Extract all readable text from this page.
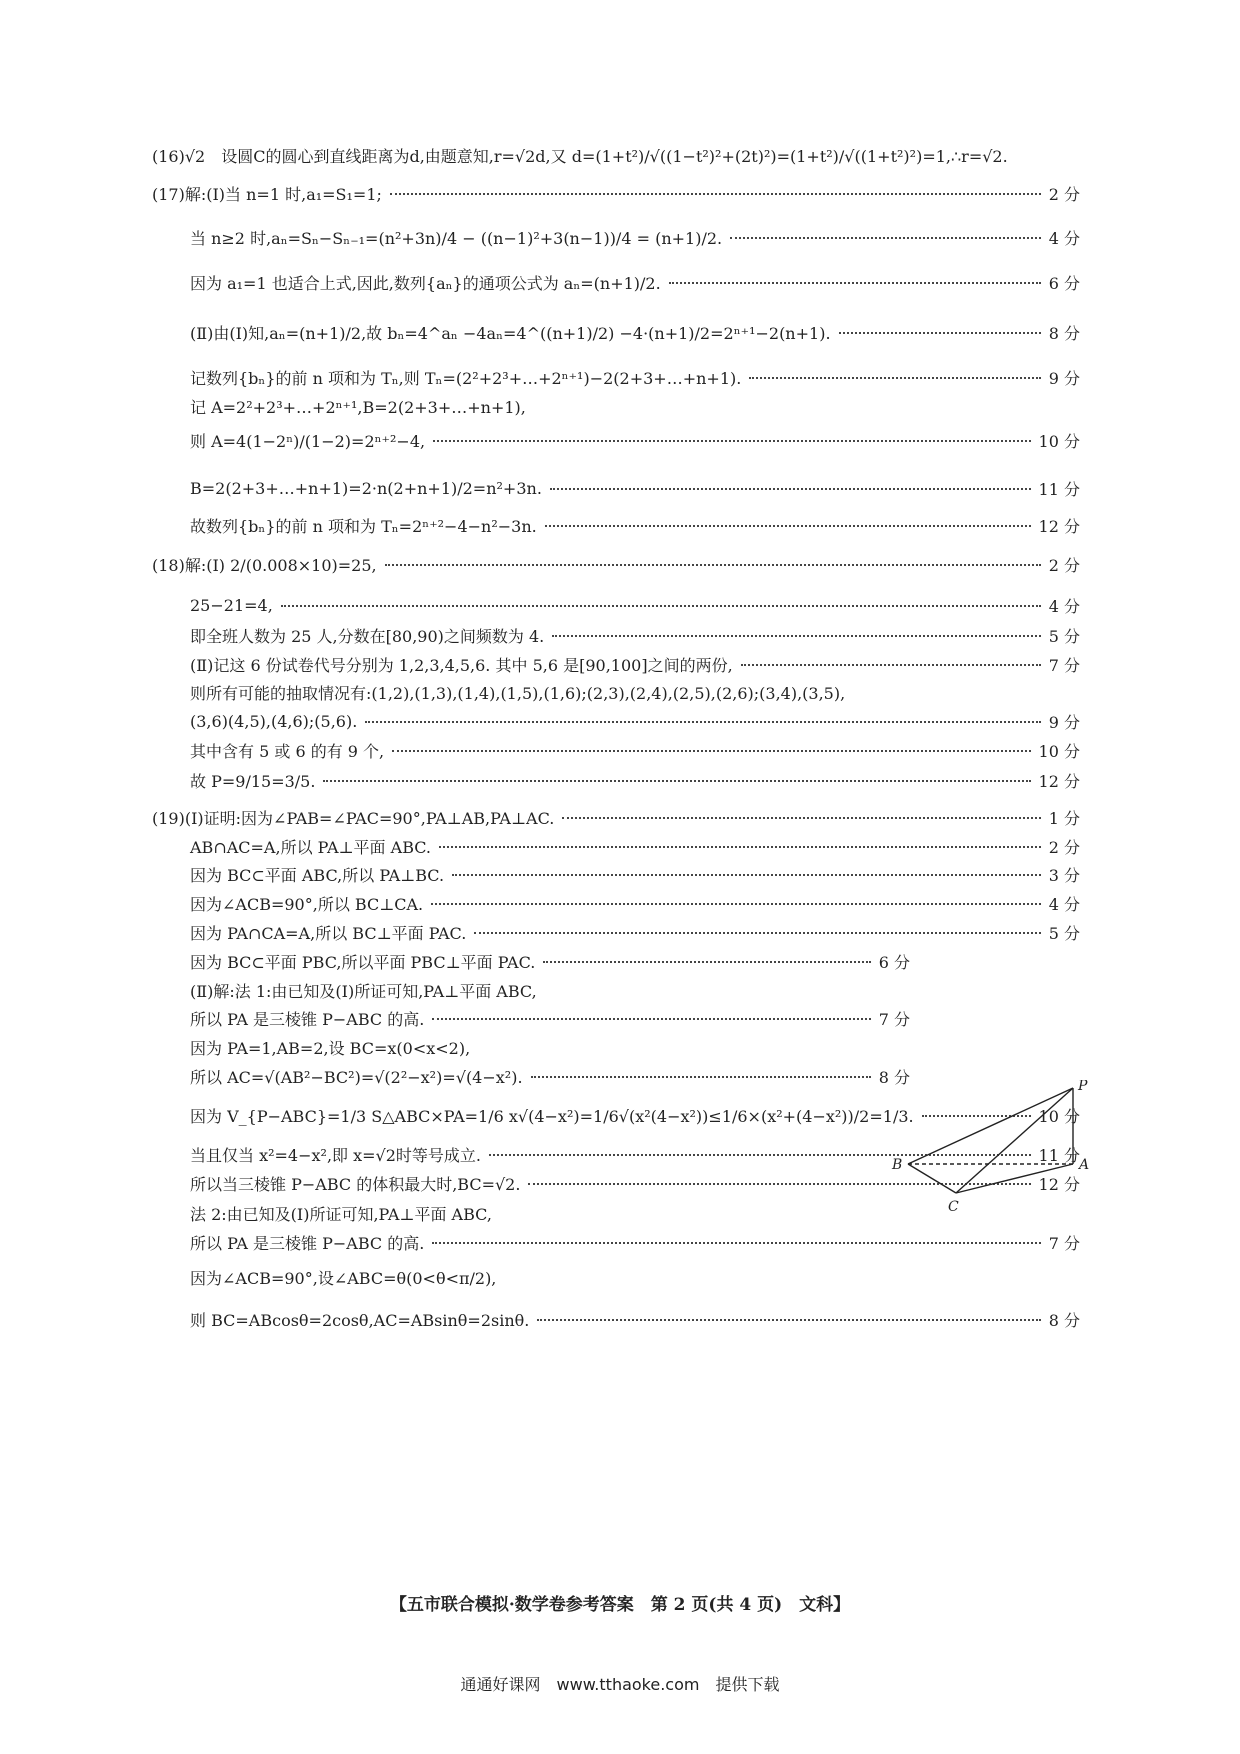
(16)√2　设圆C的圆心到直线距离为d,由题意知,r=√2d,又 d=(1+t²)/√((1−t²)²+(2t)²)=(1+t²)/√((1+t²)²)=1,∴r=√2.
(17)解:(Ⅰ)当 n=1 时,a₁=S₁=1;	2 分
当 n≥2 时,aₙ=Sₙ−Sₙ₋₁=(n²+3n)/4 − ((n−1)²+3(n−1))/4 = (n+1)/2.	4 分
因为 a₁=1 也适合上式,因此,数列{aₙ}的通项公式为 aₙ=(n+1)/2.	6 分
(Ⅱ)由(Ⅰ)知,aₙ=(n+1)/2,故 bₙ=4^aₙ −4aₙ=4^((n+1)/2) −4·(n+1)/2=2ⁿ⁺¹−2(n+1).	8 分
记数列{bₙ}的前 n 项和为 Tₙ,则 Tₙ=(2²+2³+…+2ⁿ⁺¹)−2(2+3+…+n+1).	9 分
记 A=2²+2³+…+2ⁿ⁺¹,B=2(2+3+…+n+1),
则 A=4(1−2ⁿ)/(1−2)=2ⁿ⁺²−4,	10 分
B=2(2+3+…+n+1)=2·n(2+n+1)/2=n²+3n.	11 分
故数列{bₙ}的前 n 项和为 Tₙ=2ⁿ⁺²−4−n²−3n.	12 分
(18)解:(Ⅰ) 2/(0.008×10)=25,	2 分
25−21=4,	4 分
即全班人数为 25 人,分数在[80,90)之间频数为 4.	5 分
(Ⅱ)记这 6 份试卷代号分别为 1,2,3,4,5,6. 其中 5,6 是[90,100]之间的两份,	7 分
则所有可能的抽取情况有:(1,2),(1,3),(1,4),(1,5),(1,6);(2,3),(2,4),(2,5),(2,6);(3,4),(3,5),
(3,6)(4,5),(4,6);(5,6).	9 分
其中含有 5 或 6 的有 9 个,	10 分
故 P=9/15=3/5.	12 分
(19)(Ⅰ)证明:因为∠PAB=∠PAC=90°,PA⊥AB,PA⊥AC.	1 分
AB∩AC=A,所以 PA⊥平面 ABC.	2 分
因为 BC⊂平面 ABC,所以 PA⊥BC.	3 分
因为∠ACB=90°,所以 BC⊥CA.	4 分
因为 PA∩CA=A,所以 BC⊥平面 PAC.	5 分
因为 BC⊂平面 PBC,所以平面 PBC⊥平面 PAC.	6 分
(Ⅱ)解:法 1:由已知及(Ⅰ)所证可知,PA⊥平面 ABC,
所以 PA 是三棱锥 P−ABC 的高.	7 分
因为 PA=1,AB=2,设 BC=x(0<x<2),
所以 AC=√(AB²−BC²)=√(2²−x²)=√(4−x²).	8 分
因为 V_{P−ABC}=1/3 S△ABC×PA=1/6 x√(4−x²)=1/6√(x²(4−x²))≤1/6×(x²+(4−x²))/2=1/3.	10 分
当且仅当 x²=4−x²,即 x=√2时等号成立.	11 分
所以当三棱锥 P−ABC 的体积最大时,BC=√2.	12 分
法 2:由已知及(Ⅰ)所证可知,PA⊥平面 ABC,
所以 PA 是三棱锥 P−ABC 的高.	7 分
因为∠ACB=90°,设∠ABC=θ(0<θ<π/2),
则 BC=ABcosθ=2cosθ,AC=ABsinθ=2sinθ.	8 分
P
A
B
C
【五市联合模拟·数学卷参考答案　第 2 页(共 4 页)　文科】
通通好课网　www.tthaoke.com　提供下载
